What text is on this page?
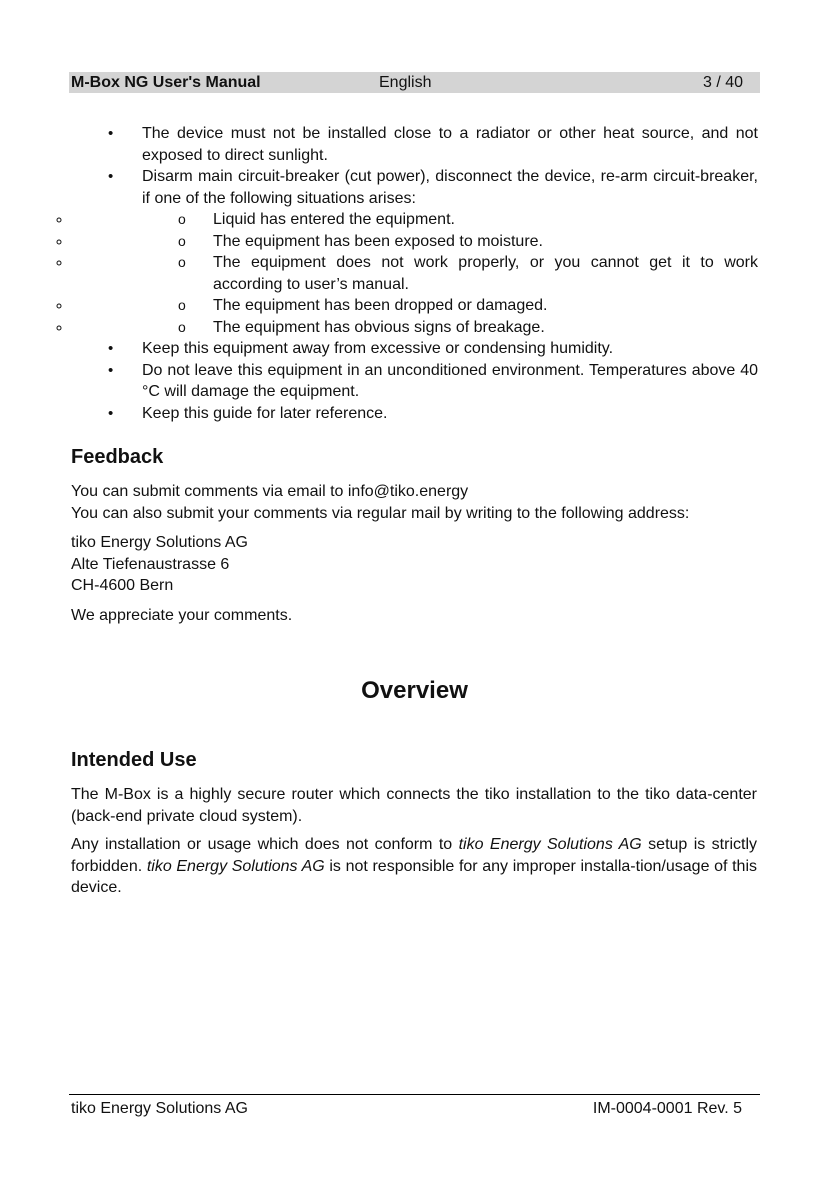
M-Box NG User's Manual	English	3 / 40
• The device must not be installed close to a radiator or other heat source, and not exposed to direct sunlight.
• Disarm main circuit-breaker (cut power), disconnect the device, re-arm circuit-breaker, if one of the following situations arises:
o ◦ Liquid has entered the equipment.
o ◦ The equipment has been exposed to moisture.
o ◦ The equipment does not work properly, or you cannot get it to work according to user’s manual.
o ◦ The equipment has been dropped or damaged.
o ◦ The equipment has obvious signs of breakage.
• Keep this equipment away from excessive or condensing humidity.
• Do not leave this equipment in an unconditioned environment. Temperatures above 40 °C will damage the equipment.
• Keep this guide for later reference.
Feedback

You can submit comments via email to info@tiko.energy

You can also submit your comments via regular mail by writing to the following address:

tiko Energy Solutions AG
Alte Tiefenaustrasse 6
CH-4600 Bern

We appreciate your comments.

Overview
Intended Use

The M-Box is a highly secure router which connects the tiko installation to the tiko data-center (back-end private cloud system).

Any installation or usage which does not conform to tiko Energy Solutions AG setup is strictly forbidden. tiko Energy Solutions AG is not responsible for any improper installa-tion/usage of this device.

tiko Energy Solutions AG	IM-0004-0001 Rev. 5
